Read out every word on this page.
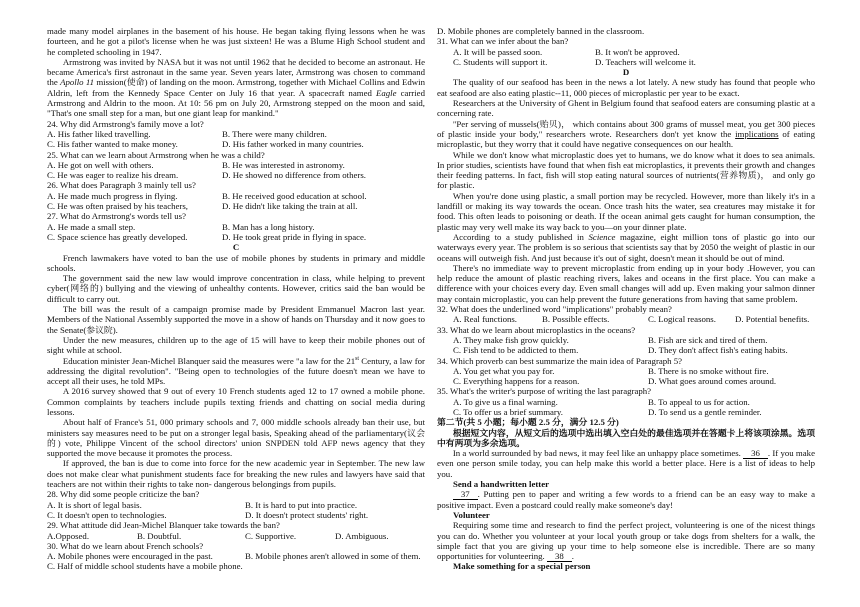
made many model airplanes in the basement of his house. He began taking flying lessons when he was fourteen, and he got a pilot's license when he was just sixteen! He was a Blume High School student and he completed schooling in 1947.

Armstrong was invited by NASA but it was not until 1962 that he decided to become an astronaut. He became America's first astronaut in the same year. Seven years later, Armstrong was chosen to command the Apollo 11 mission(使命) of landing on the moon. Armstrong, together with Michael Collins and Edwin Aldrin, left from the Kennedy Space Center on July 16 that year. A spacecraft named Eagle carried Armstrong and Aldrin to the moon. At 10: 56 pm on July 20, Armstrong stepped on the moon and said, "That's one small step for a man, but one giant leap for mankind."

24. Why did Armstrong's family move a lot?
A. His father liked travelling.	B. There were many children.
C. His father wanted to make money.	D. His father worked in many countries.
25. What can we learn about Armstrong when he was a child?
A. He got on well with others.	B. He was interested in astronomy.
C. He was eager to realize his dream.	D. He showed no difference from others.
26. What does Paragraph 3 mainly tell us?
A. He made much progress in flying.	B. He received good education at school.
C. He was often praised by his teachers,	D. He didn't like taking the train at all.
27. What do Armstrong's words tell us?
A. He made a small step.	B. Man has a long history.
C. Space science has greatly developed.	D. He took great pride in flying in space.
C

French lawmakers have voted to ban the use of mobile phones by students in primary and middle schools.

The government said the new law would improve concentration in class, while helping to prevent cyber(网络的) bullying and the viewing of unhealthy contents. However, critics said the ban would be difficult to carry out.

The bill was the result of a campaign promise made by President Emmanuel Macron last year. Members of the National Assembly supported the move in a show of hands on Thursday and it now goes to the Senate(参议院).

Under the new measures, children up to the age of 15 will have to keep their mobile phones out of sight while at school.

Education minister Jean-Michel Blanquer said the measures were "a law for the 21st Century, a law for addressing the digital revolution". "Being open to technologies of the future doesn't mean we have to accept all their uses, he told MPs.

A 2016 survey showed that 9 out of every 10 French students aged 12 to 17 owned a mobile phone. Common complaints by teachers include pupils texting friends and chatting on social media during lessons.

About half of France's 51, 000 primary schools and 7, 000 middle schools already ban their use, but ministers say measures need to be put on a stronger legal basis, Speaking ahead of the parliamentary(议会的) vote, Philippe Vincent of the school directors' union SNPDEN told AFP news agency that they supported the move because it promotes the process.

If approved, the ban is due to come into force for the new academic year in September. The new law does not make clear what punishment students face for breaking the new rules and lawyers have said that teachers are not within their rights to take non- dangerous belongings from pupils.

28. Why did some people criticize the ban?
A. It is short of legal basis.	B. It is hard to put into practice.
C. It doesn't open to technologies.	D. It doesn't protect students' right.
29. What attitude did Jean-Michel Blanquer take towards the ban?
A.Opposed.	B. Doubtful.	C. Supportive.	D. Ambiguous.
30. What do we learn about French schools?
A. Mobile phones were encouraged in the past.	B. Mobile phones aren't allowed in some of them.
C. Half of middle school students have a mobile phone.
D. Mobile phones are completely banned in the classroom.
31. What can we infer about the ban?
A. It will be passed soon.	B. It won't be approved.
C. Students will support it.	D. Teachers will welcome it.
D

The quality of our seafood has been in the news a lot lately. A new study has found that people who eat seafood are also eating plastic--11, 000 pieces of microplastic per year to be exact.

Researchers at the University of Ghent in Belgium found that seafood eaters are consuming plastic at a concerning rate.

"Per serving of mussels(贻贝)， which contains about 300 grams of mussel meat, you get 300 pieces of plastic inside your body," researchers wrote. Researchers don't yet know the implications of eating microplastic, but they worry that it could have negative consequences on our health.

While we don't know what microplastic does yet to humans, we do know what it does to sea animals. In prior studies, scientists have found that when fish eat microplastics, it prevents their growth and changes their feeding patterns. In fact, fish will stop eating natural sources of nutrients(营养物质)， and only go for plastic.

When you're done using plastic, a small portion may be recycled. However, more than likely it's in a landfill or making its way towards the ocean. Once trash hits the water, sea creatures may mistake it for food. This often leads to poisoning or death. If the ocean animal gets caught for human consumption, the plastic may very well make its way back to you—on your dinner plate.

According to a study published in Science magazine, eight million tons of plastic go into our waterways every year. The problem is so serious that scientists say that by 2050 the weight of plastic in our oceans will outweigh fish. And just because it's out of sight, doesn't mean it should be out of mind.

There's no immediate way to prevent microplastic from ending up in your body .However, you can help reduce the amount of plastic reaching rivers, lakes and oceans in the first place. You can make a difference with your choices every day. Even small changes will add up. Even making your salmon dinner may contain microplastic, you can help prevent the future generations from having that same problem.

32. What does the underlined word "implications" probably mean?
A. Real functions.	B. Possible effects.	C. Logical reasons. D. Potential benefits.
33. What do we learn about microplastics in the oceans?
A. They make fish grow quickly.	B. Fish are sick and tired of them.
C. Fish tend to be addicted to them.	D. They don't affect fish's eating habits.
34. Which proverb can best summarize the main idea of Paragraph 5?
A. You get what you pay for.	B. There is no smoke without fire.
C. Everything happens for a reason.	D. What goes around comes around.
35. What's the writer's purpose of writing the last paragraph?
A. To give us a final warning.	B. To appeal to us for action.
C. To offer us a brief summary.	D. To send us a gentle reminder.
第二节(共 5 小题；每小题 2.5 分，满分 12.5 分)

根据短文内容，从短文后的选项中选出填入空白处的最佳选项并在答题卡上将该项涂黑。选项中有两项为多余选项。

In a world surrounded by bad news, it may feel like an unhappy place sometimes. 36 . If you make even one person smile today, you can help make this world a better place. Here is a list of ideas to help you.

Send a handwritten letter

37 . Putting pen to paper and writing a few words to a friend can be an easy way to make a positive impact. Even a postcard could really make someone's day!

Volunteer

Requiring some time and research to find the perfect project, volunteering is one of the nicest things you can do. Whether you volunteer at your local youth group or take dogs from shelters for a walk, the simple fact that you are giving up your time to help someone else is incredible. There are so many opportunities for volunteering. 38 .

Make something for a special person
